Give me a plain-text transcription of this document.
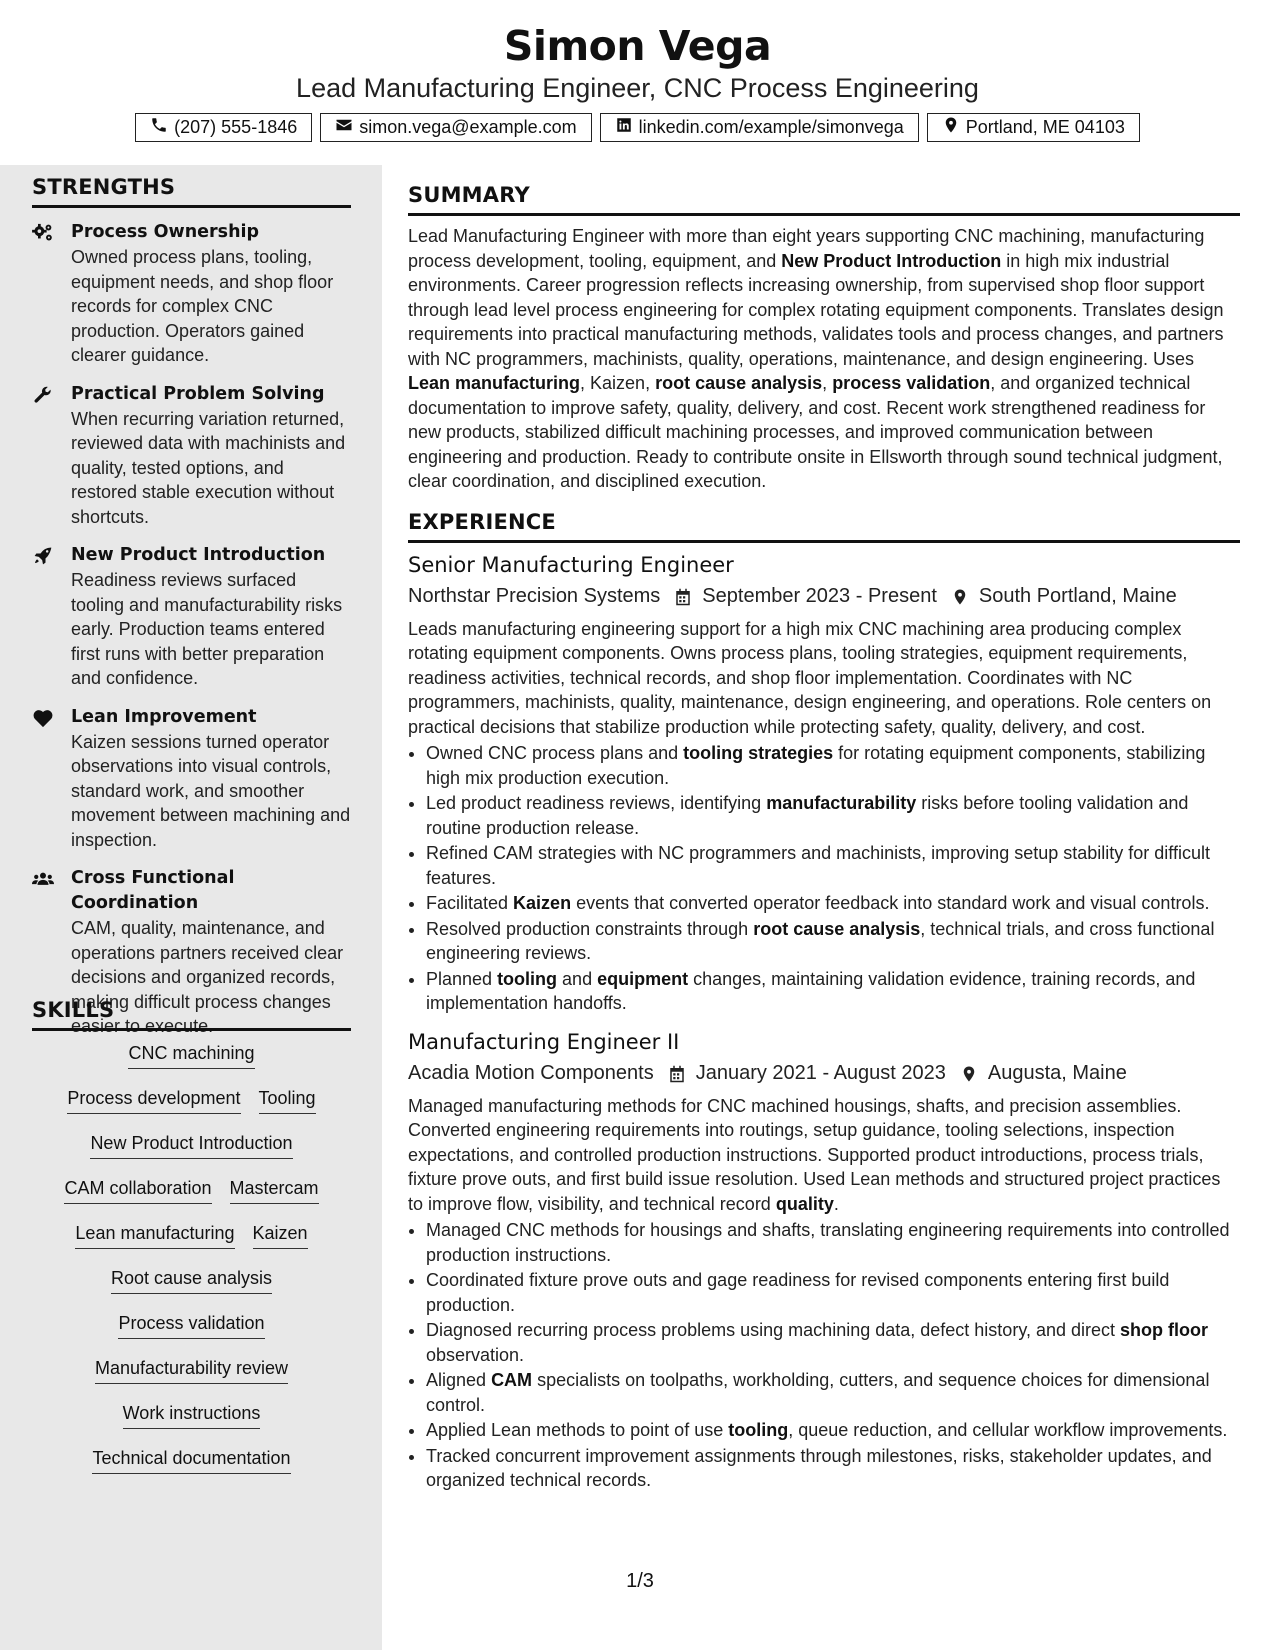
Simon Vega
Lead Manufacturing Engineer, CNC Process Engineering
(207) 555-1846	simon.vega@example.com	linkedin.com/example/simonvega	Portland, ME 04103
STRENGTHS
Process Ownership
Owned process plans, tooling, equipment needs, and shop floor records for complex CNC production. Operators gained clearer guidance.
Practical Problem Solving
When recurring variation returned, reviewed data with machinists and quality, tested options, and restored stable execution without shortcuts.
New Product Introduction
Readiness reviews surfaced tooling and manufacturability risks early. Production teams entered first runs with better preparation and confidence.
Lean Improvement
Kaizen sessions turned operator observations into visual controls, standard work, and smoother movement between machining and inspection.
Cross Functional Coordination
CAM, quality, maintenance, and operations partners received clear decisions and organized records, making difficult process changes easier to execute.
SKILLS
CNC machining
Process development Tooling
New Product Introduction
CAM collaboration Mastercam
Lean manufacturing Kaizen
Root cause analysis
Process validation
Manufacturability review
Work instructions
Technical documentation
SUMMARY

Lead Manufacturing Engineer with more than eight years supporting CNC machining, manufacturing process development, tooling, equipment, and New Product Introduction in high mix industrial environments. Career progression reflects increasing ownership, from supervised shop floor support through lead level process engineering for complex rotating equipment components. Translates design requirements into practical manufacturing methods, validates tools and process changes, and partners with NC programmers, machinists, quality, operations, maintenance, and design engineering. Uses Lean manufacturing, Kaizen, root cause analysis, process validation, and organized technical documentation to improve safety, quality, delivery, and cost. Recent work strengthened readiness for new products, stabilized difficult machining processes, and improved communication between engineering and production. Ready to contribute onsite in Ellsworth through sound technical judgment, clear coordination, and disciplined execution.

EXPERIENCE
Senior Manufacturing Engineer
Northstar Precision Systems September 2023 - Present South Portland, Maine

Leads manufacturing engineering support for a high mix CNC machining area producing complex rotating equipment components. Owns process plans, tooling strategies, equipment requirements, readiness activities, technical records, and shop floor implementation. Coordinates with NC programmers, machinists, quality, maintenance, design engineering, and operations. Role centers on practical decisions that stabilize production while protecting safety, quality, delivery, and cost.

• Owned CNC process plans and tooling strategies for rotating equipment components, stabilizing high mix production execution.
• Led product readiness reviews, identifying manufacturability risks before tooling validation and routine production release.
• Refined CAM strategies with NC programmers and machinists, improving setup stability for difficult features.
• Facilitated Kaizen events that converted operator feedback into standard work and visual controls.
• Resolved production constraints through root cause analysis, technical trials, and cross functional engineering reviews.
• Planned tooling and equipment changes, maintaining validation evidence, training records, and implementation handoffs.
Manufacturing Engineer II
Acadia Motion Components January 2021 - August 2023 Augusta, Maine

Managed manufacturing methods for CNC machined housings, shafts, and precision assemblies. Converted engineering requirements into routings, setup guidance, tooling selections, inspection expectations, and controlled production instructions. Supported product introductions, process trials, fixture prove outs, and first build issue resolution. Used Lean methods and structured project practices to improve flow, visibility, and technical record quality.

• Managed CNC methods for housings and shafts, translating engineering requirements into controlled production instructions.
• Coordinated fixture prove outs and gage readiness for revised components entering first build production.
• Diagnosed recurring process problems using machining data, defect history, and direct shop floor observation.
• Aligned CAM specialists on toolpaths, workholding, cutters, and sequence choices for dimensional control.
• Applied Lean methods to point of use tooling, queue reduction, and cellular workflow improvements.
• Tracked concurrent improvement assignments through milestones, risks, stakeholder updates, and organized technical records.
1/3
